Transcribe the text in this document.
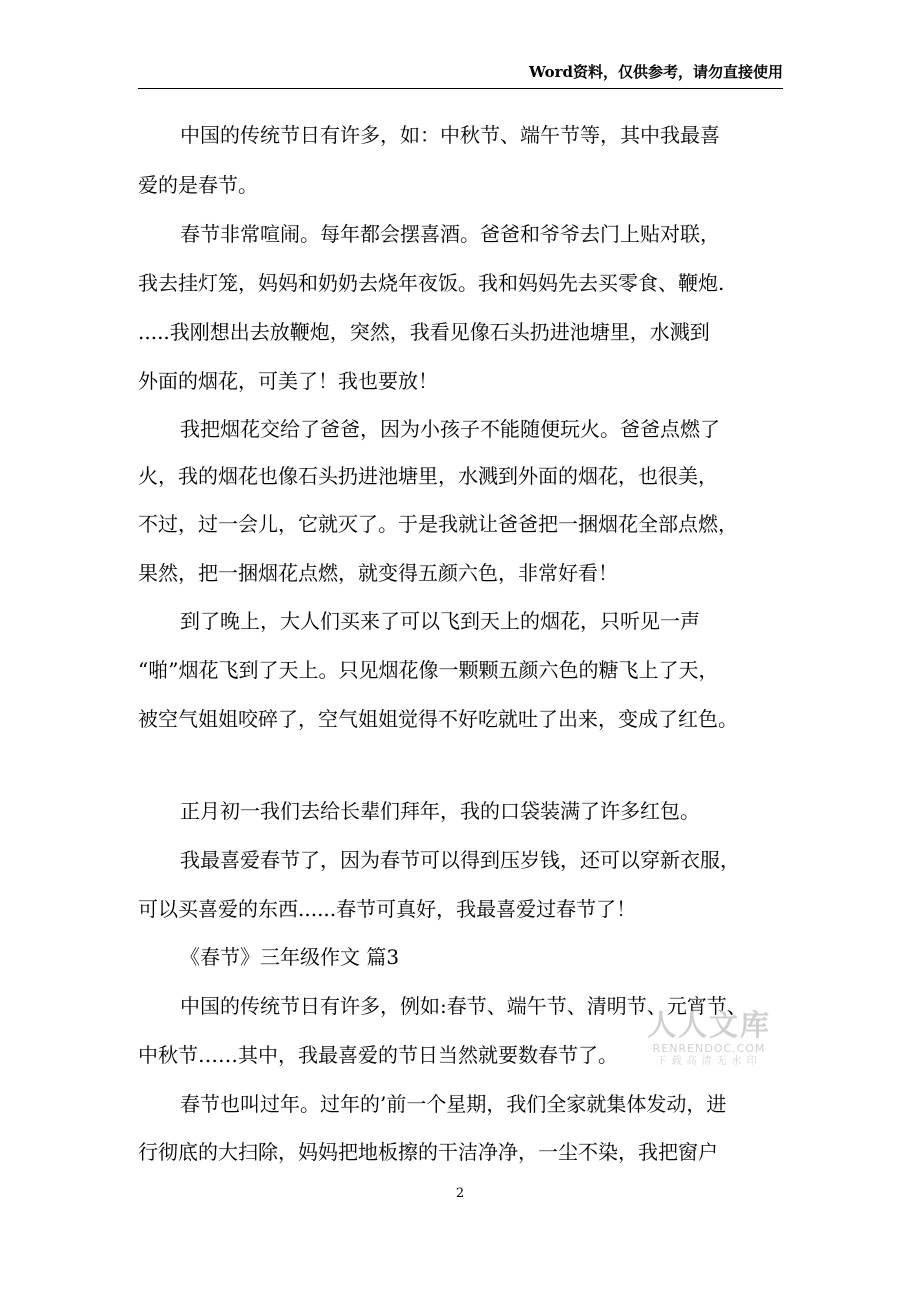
Word资料，仅供参考，请勿直接使用
中国的传统节日有许多，如：中秋节、端午节等，其中我最喜
爱的是春节。
春节非常喧闹。每年都会摆喜酒。爸爸和爷爷去门上贴对联，
我去挂灯笼，妈妈和奶奶去烧年夜饭。我和妈妈先去买零食、鞭炮.
.....我刚想出去放鞭炮，突然，我看见像石头扔进池塘里，水溅到
外面的烟花，可美了！我也要放！
我把烟花交给了爸爸，因为小孩子不能随便玩火。爸爸点燃了
火，我的烟花也像石头扔进池塘里，水溅到外面的烟花，也很美，
不过，过一会儿，它就灭了。于是我就让爸爸把一捆烟花全部点燃，
果然，把一捆烟花点燃，就变得五颜六色，非常好看！
到了晚上，大人们买来了可以飞到天上的烟花，只听见一声
“啪”烟花飞到了天上。只见烟花像一颗颗五颜六色的糖飞上了天，
被空气姐姐咬碎了，空气姐姐觉得不好吃就吐了出来，变成了红色。
正月初一我们去给长辈们拜年，我的口袋装满了许多红包。
我最喜爱春节了，因为春节可以得到压岁钱，还可以穿新衣服，
可以买喜爱的东西......春节可真好，我最喜爱过春节了！
《春节》三年级作文 篇3
中国的传统节日有许多，例如:春节、端午节、清明节、元宵节、
中秋节……其中，我最喜爱的节日当然就要数春节了。
春节也叫过年。过年的’前一个星期，我们全家就集体发动，进
行彻底的大扫除，妈妈把地板擦的干洁净净，一尘不染，我把窗户
人人文库
RENRENDOC.COM
下载高清无水印
2
